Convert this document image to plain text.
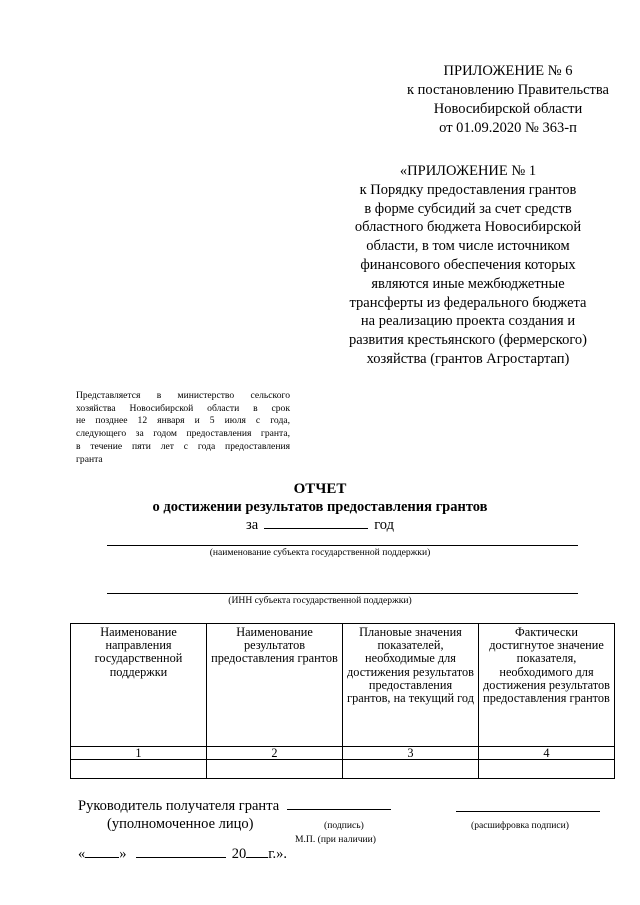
ПРИЛОЖЕНИЕ № 6
к постановлению Правительства
Новосибирской области
от 01.09.2020 № 363-п
«ПРИЛОЖЕНИЕ № 1
к Порядку предоставления грантов
в форме субсидий за счет средств
областного бюджета Новосибирской
области, в том числе источником
финансового обеспечения которых
являются иные межбюджетные
трансферты из федерального бюджета
на реализацию проекта создания и
развития крестьянского (фермерского)
хозяйства (грантов Агростартап)
Представляется в министерство сельского
хозяйства Новосибирской области в срок
не позднее 12 января и 5 июля с года,
следующего за годом предоставления гранта,
в течение пяти лет с года предоставления
гранта
ОТЧЕТ
о достижении результатов предоставления грантов
за	год
(наименование субъекта государственной поддержки)
(ИНН субъекта государственной поддержки)
Наименование направления государственной поддержки	Наименование результатов предоставления грантов	Плановые значения показателей, необходимые для достижения результатов предоставления грантов, на текущий год	Фактически достигнутое значение показателя, необходимого для достижения результатов предоставления грантов
1	2	3	4

Руководитель получателя гранта
(уполномоченное лицо)	(подпись)	(расшифровка подписи)
М.П. (при наличии)
« »	20 г.».
